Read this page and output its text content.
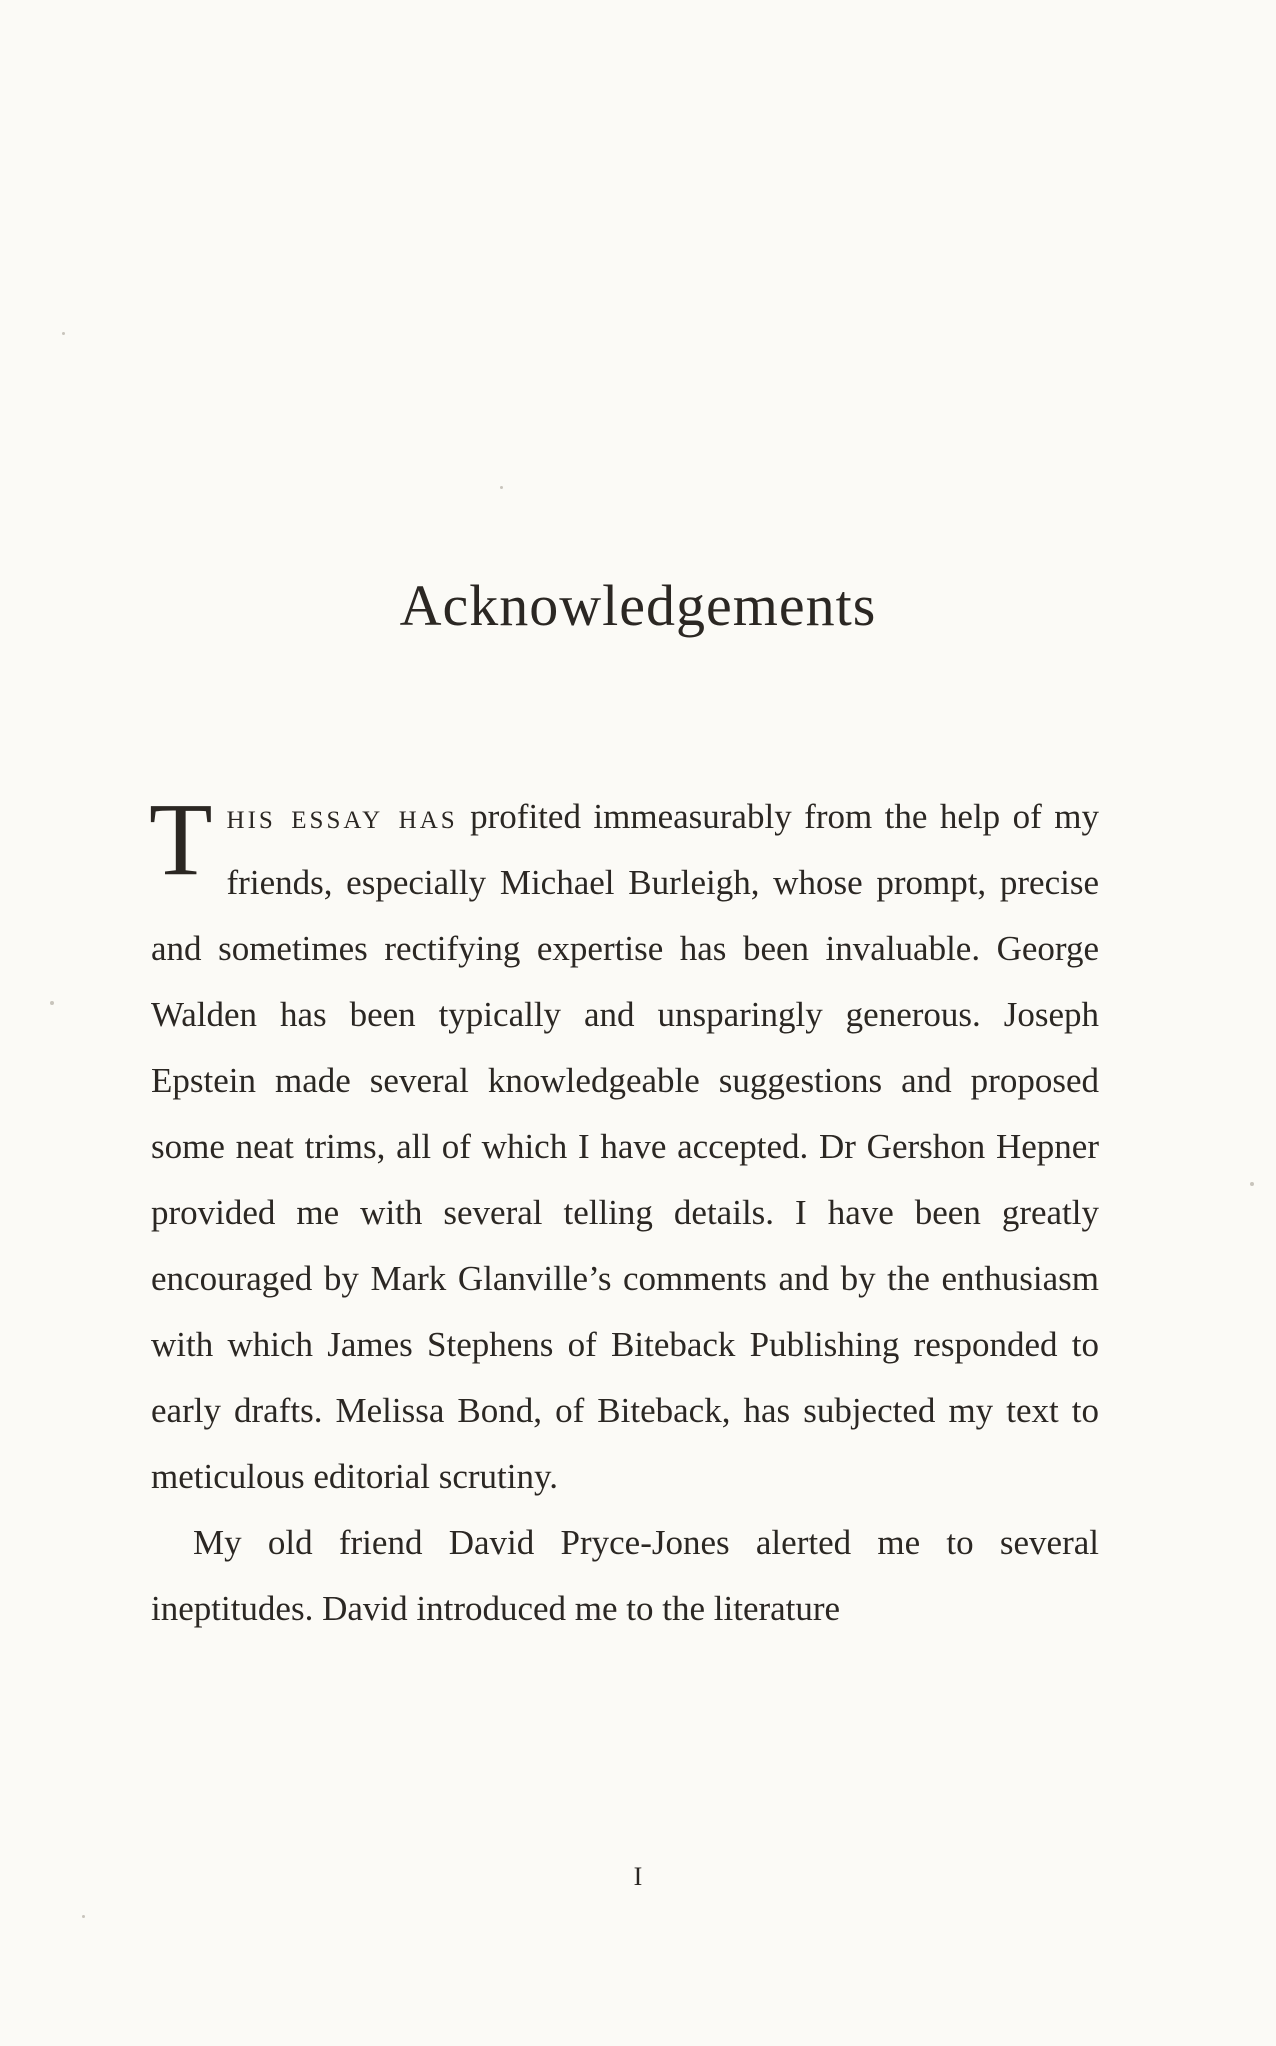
Acknowledgements

This essay has profited immeasurably from the help of my friends, especially Michael Burleigh, whose prompt, precise and sometimes rectifying expertise has been invaluable. George Walden has been typically and unsparingly generous. Joseph Epstein made several knowledgeable suggestions and proposed some neat trims, all of which I have accepted. Dr Gershon Hepner provided me with several telling details. I have been greatly encouraged by Mark Glanville’s comments and by the enthusiasm with which James Stephens of Biteback Publishing responded to early drafts. Melissa Bond, of Biteback, has subjected my text to meticulous editorial scrutiny.

My old friend David Pryce-Jones alerted me to several ineptitudes. David introduced me to the literature

I
